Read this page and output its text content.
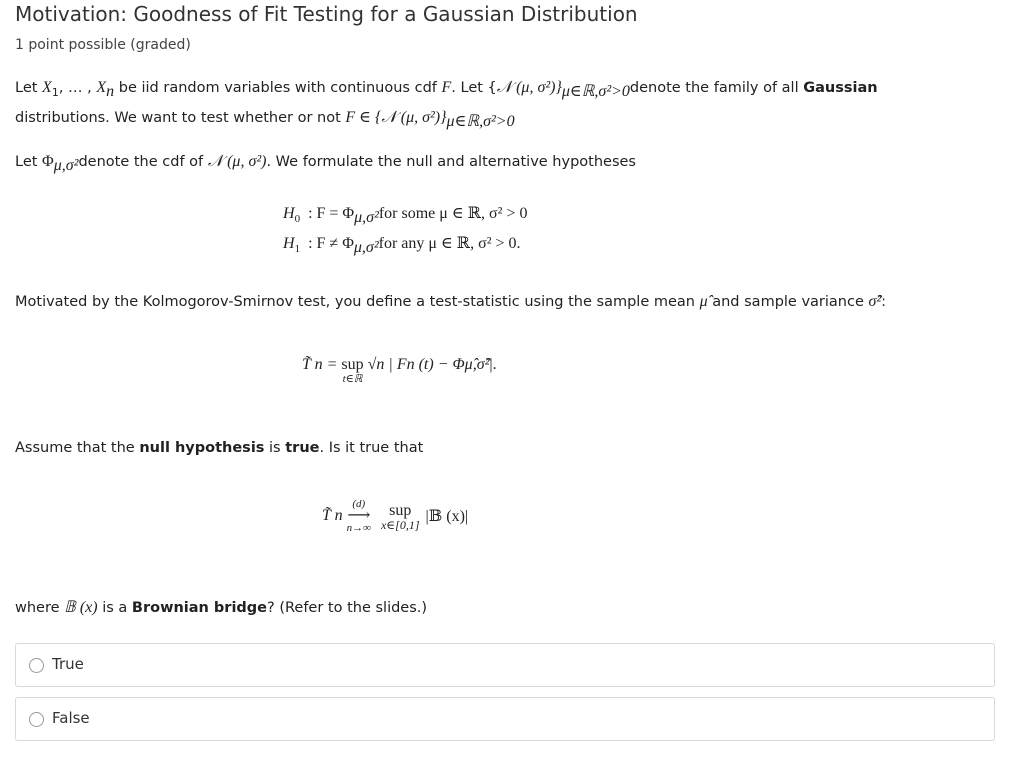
Motivation: Goodness of Fit Testing for a Gaussian Distribution
1 point possible (graded)
Let $X_1$, … , $X_n$ be iid random variables with continuous cdf F. Let {𝒩 (μ, $\sigma^2)\}_{\mu\in ℝ,\sigma^2>0}denote$ the family of all Gaussian
distributions. We want to test whether or not F ∈ {𝒩 (μ, $\sigma^2)\}_{\mu\in ℝ,\sigma^2>0}$
Let $\Phi_{\mu,\sigma^2}denote$ the cdf of 𝒩 (μ, σ²). We formulate the null and alternative hypotheses
$H_0$ : $F = \Phi_{\mu,\sigma^2}for$ some μ ∈ ℝ, σ² > 0
$H_1$ : $F \ne \Phi_{\mu,\sigma^2}for$ any μ ∈ ℝ, σ² > 0.
Motivated by the Kolmogorov-Smirnov test, you define a test-statistic using the sample mean μ̂ and sample variance σ̂²:
T̃ n = sup
t∈ℝ
√n | Fn (t) − Φ μ̂,σ̂² |.
Assume that the null hypothesis is true. Is it true that
T̃ n
(d)
⟶
n→∞
sup
x∈[0,1] |𝔹 (x)|
where 𝔹 (x) is a Brownian bridge? (Refer to the slides.)
True
False
